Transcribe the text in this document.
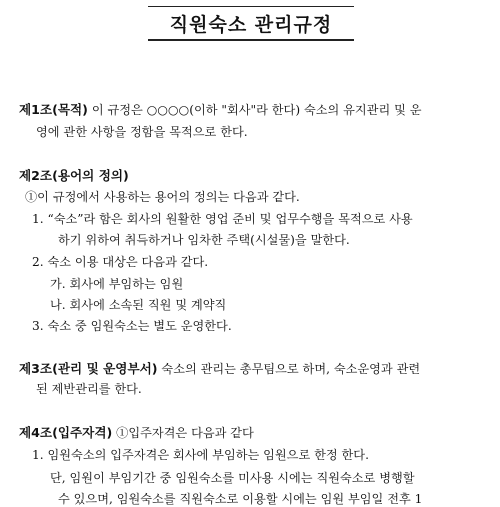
직원숙소 관리규정
제1조(목적) 이 규정은 ○○○○(이하 "회사"라 한다) 숙소의 유지관리 및 운
영에 관한 사항을 정함을 목적으로 한다.
제2조(용어의 정의)
①이 규정에서 사용하는 용어의 정의는 다음과 같다.
1. “숙소”라 함은 회사의 원활한 영업 준비 및 업무수행을 목적으로 사용
하기 위하여 취득하거나 임차한 주택(시설물)을 말한다.
2. 숙소 이용 대상은 다음과 같다.
가. 회사에 부임하는 임원
나. 회사에 소속된 직원 및 계약직
3. 숙소 중 임원숙소는 별도 운영한다.
제3조(관리 및 운영부서) 숙소의 관리는 총무팀으로 하며, 숙소운영과 관련
된 제반관리를 한다.
제4조(입주자격) ①입주자격은 다음과 같다
1. 임원숙소의 입주자격은 회사에 부임하는 임원으로 한정 한다.
단, 임원이 부임기간 중 임원숙소를 미사용 시에는 직원숙소로 병행할
수 있으며, 임원숙소를 직원숙소로 이용할 시에는 임원 부임일 전후 1
